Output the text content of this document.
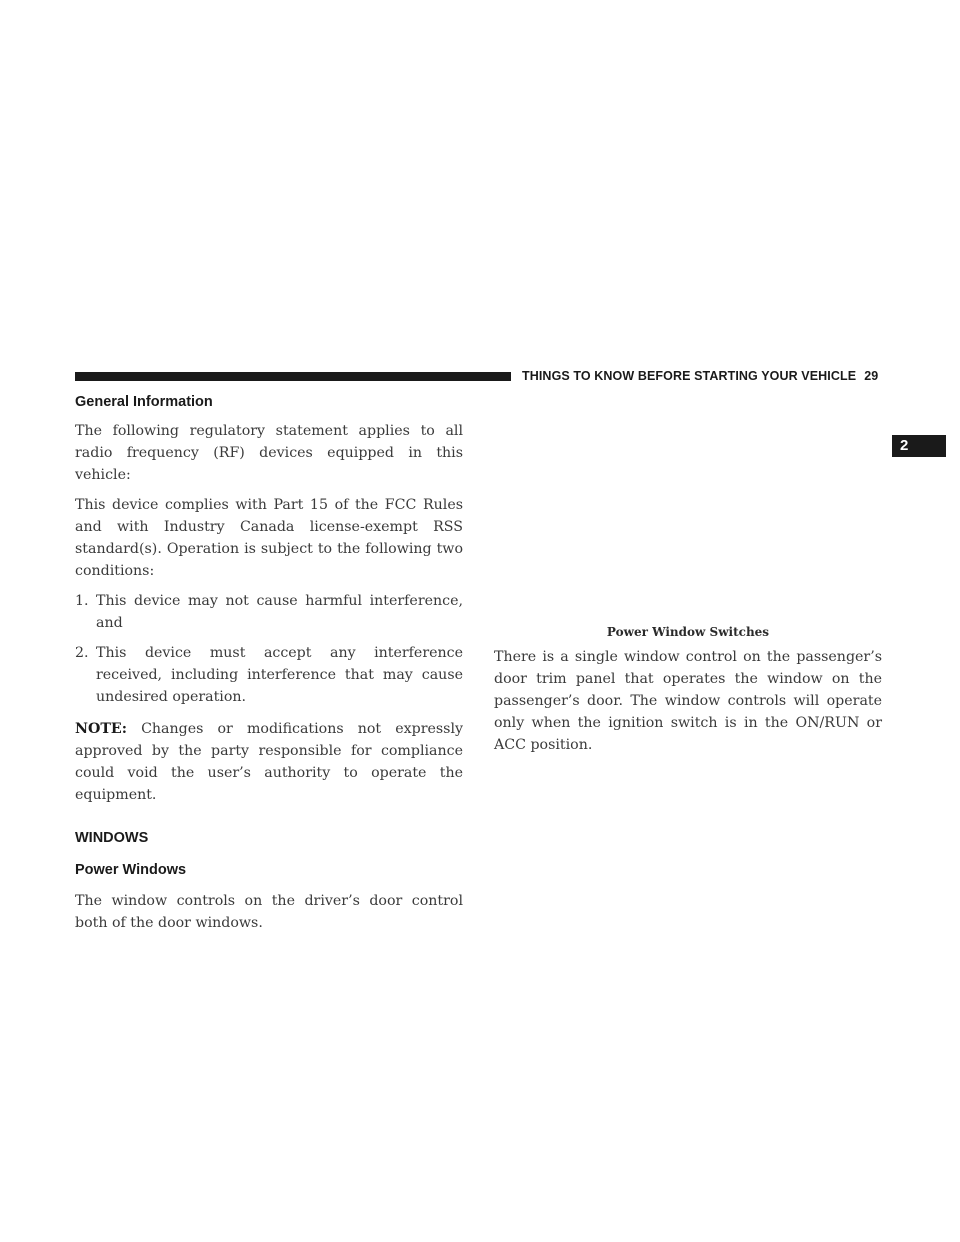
THINGS TO KNOW BEFORE STARTING YOUR VEHICLE 29
2
General Information

The following regulatory statement applies to all radio frequency (RF) devices equipped in this vehicle:

This device complies with Part 15 of the FCC Rules and with Industry Canada license-exempt RSS standard(s). Operation is subject to the following two conditions:

1. This device may not cause harmful interference, and
2. This device must accept any interference received, including interference that may cause undesired operation.

NOTE: Changes or modifications not expressly approved by the party responsible for compliance could void the user’s authority to operate the equipment.

WINDOWS
Power Windows

The window controls on the driver’s door control both of the door windows.

Power Window Switches

There is a single window control on the passenger’s door trim panel that operates the window on the passenger’s door. The window controls will operate only when the ignition switch is in the ON/RUN or ACC position.
